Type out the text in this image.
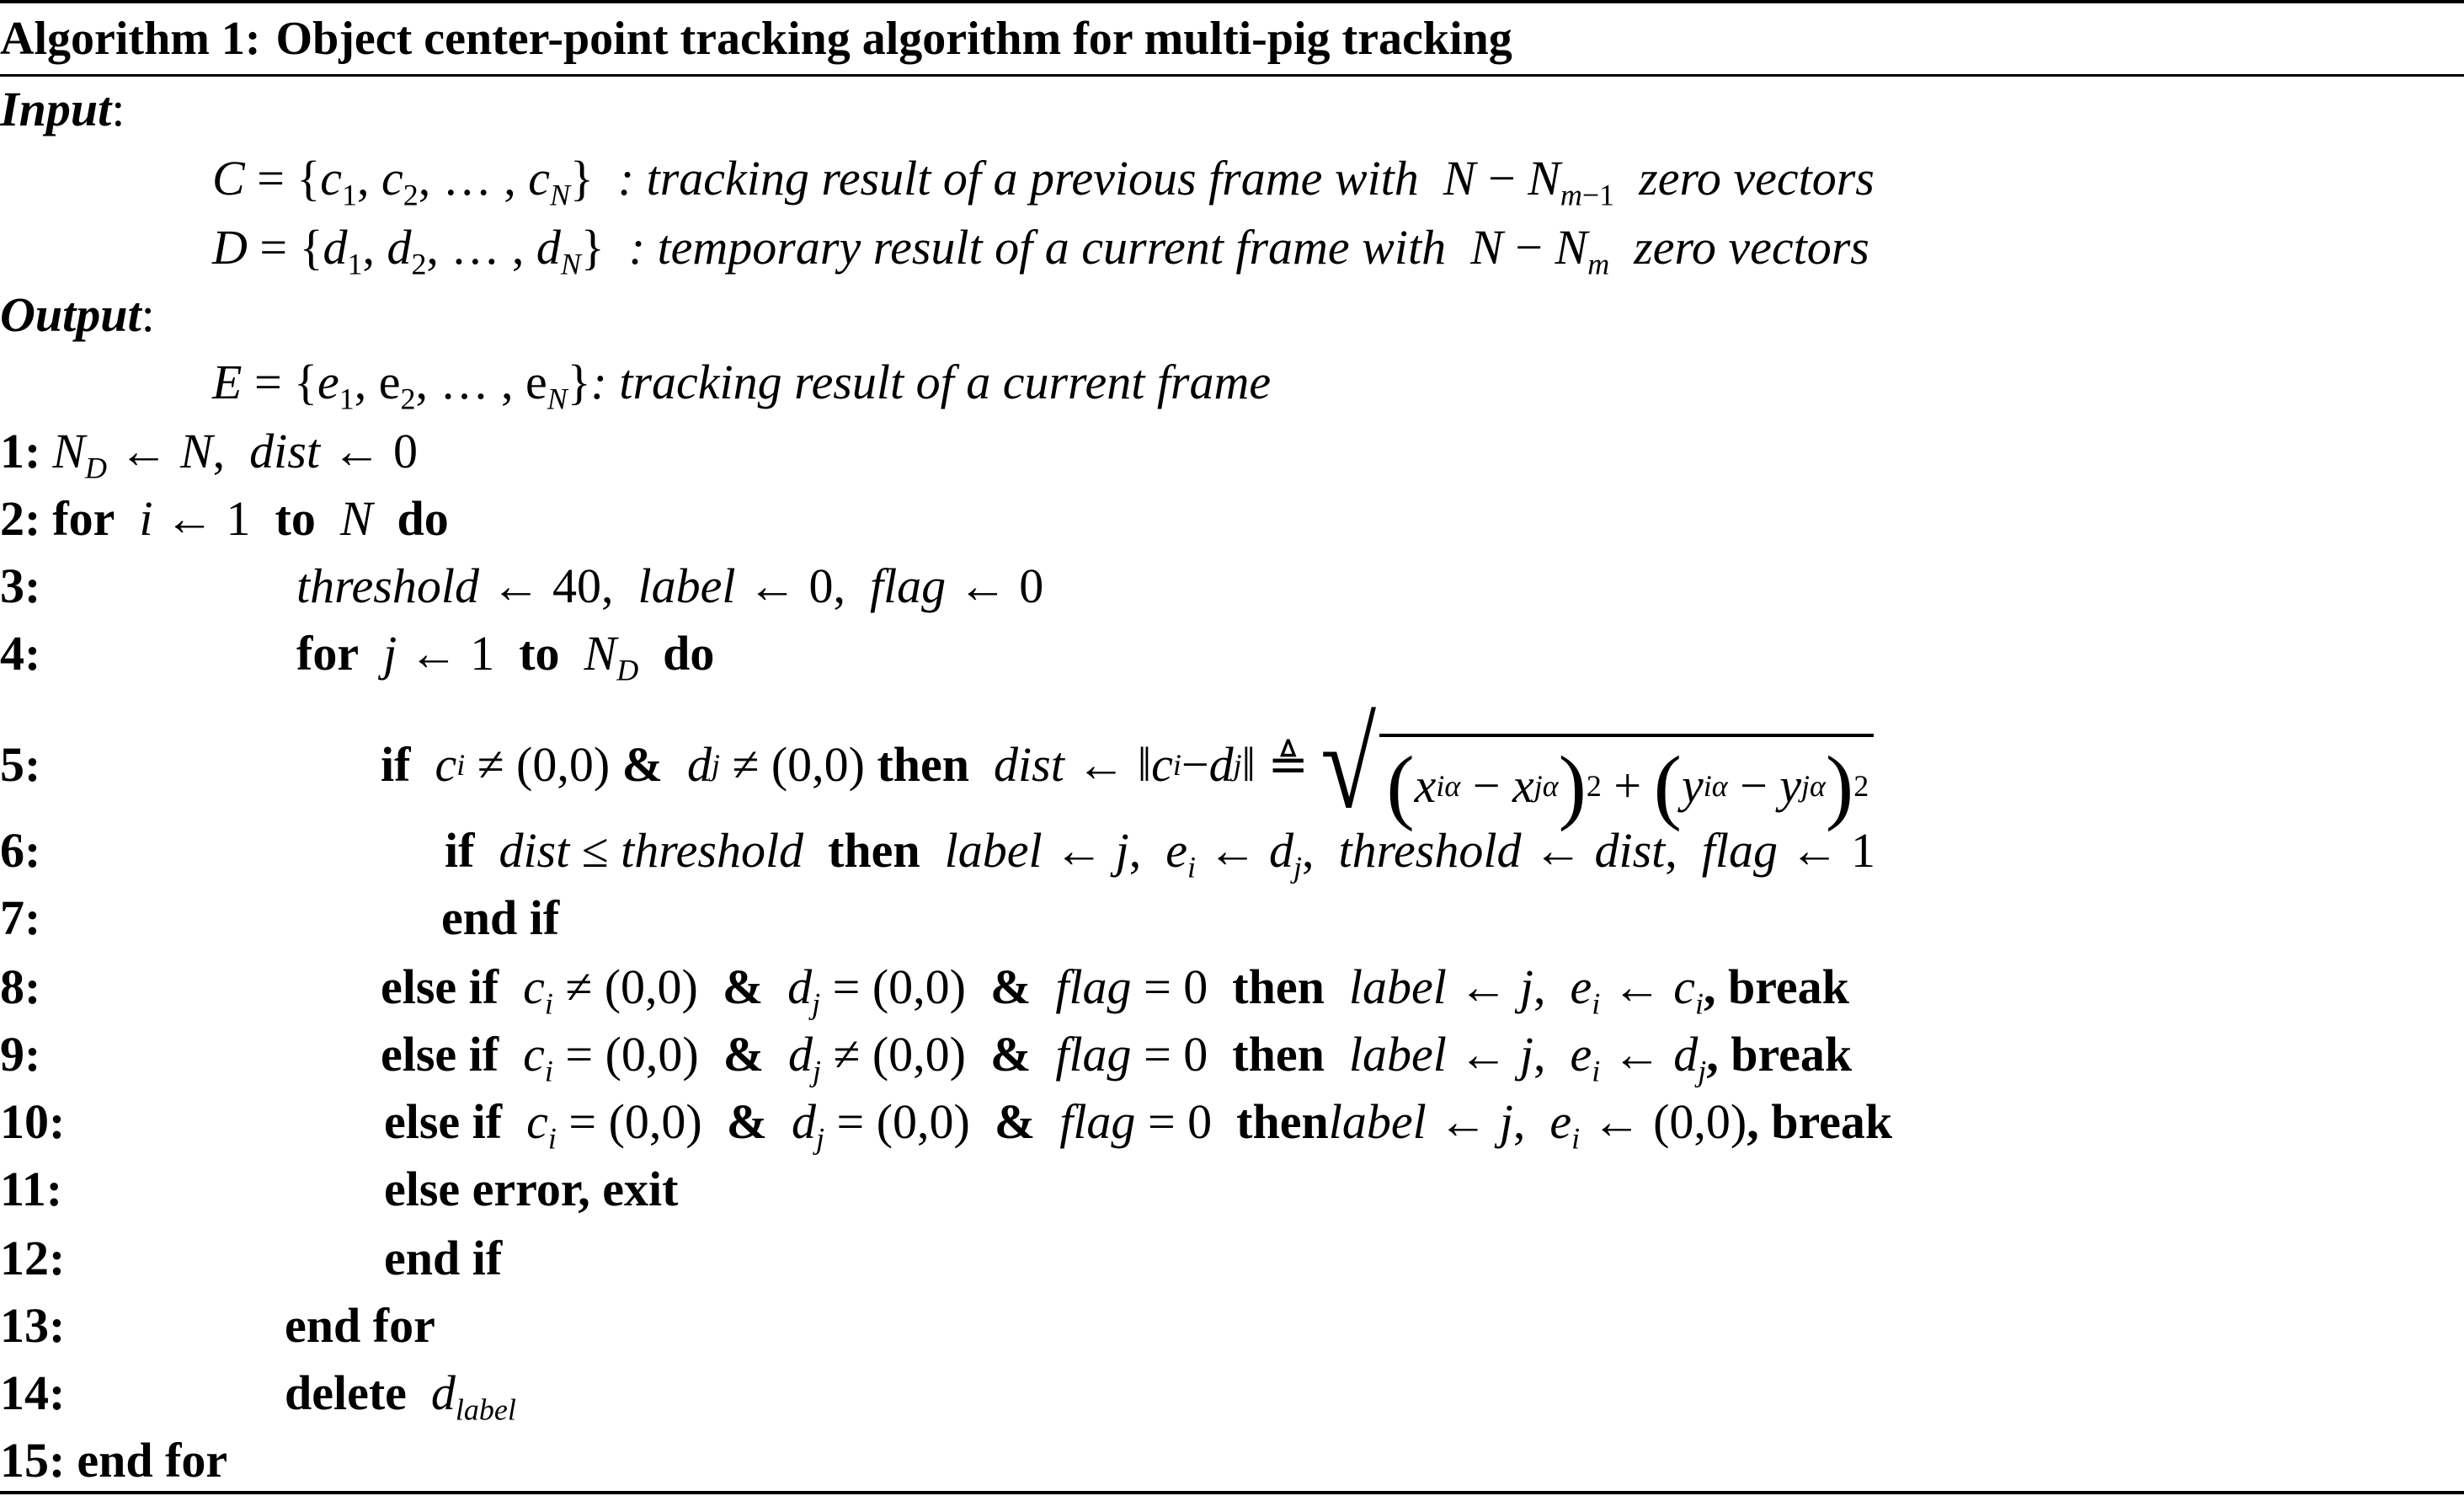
Algorithm 1: Object center-point tracking algorithm for multi-pig tracking
Input :
$C = \{c_1$, $c_2$, … , $c_N$} : tracking result of a previous frame with  $N - N_{m-1}$  zero vectors
$D = \{d_1$, $d_2$, … , $d_N$} : temporary result of a current frame with  $N - N_m$  zero vectors
Output :
$E = \{e_1$, $e_2$, … , $e_N$} : tracking result of a current frame
1: $N_D$ ← N,  dist ← 0
2: for  i ← 1 to  N  do
3:	threshold ← 40,  label ← 0,  flag ← 0
4:	for  j ← 1 to  $N_D$ do
5:	if c i ≠ (0,0)
& d j ≠ (0,0)
then dist ← ‖ c i − d j ‖ ≜ √ ( x i α − x j α ) 2 + ( y i α − y j α ) 2
6:	if  dist ≤ threshold  then  label ← j,  $e_i$ ← $d_j$,  threshold ← dist,  flag ← 1
7:	end if
8:	else if  $c_i \ne (0,0)$ &  $d_j = (0,0)$ &  flag = 0 then  label ← j,  $e_i$ ← $c_i$, break
9:	else if  $c_i = (0,0)$ &  $d_j \ne (0,0)$ &  flag = 0 then  label ← j,  $e_i$ ← $d_j$, break
10:	else if  $c_i = (0,0)$ &  $d_j = (0,0)$ &  flag = 0 thenlabel ← j,  $e_i$ ← (0,0), break
11:	else error, exit
12:	end if
13:	end for
14:	delete  $d_{label}$
15: end for
